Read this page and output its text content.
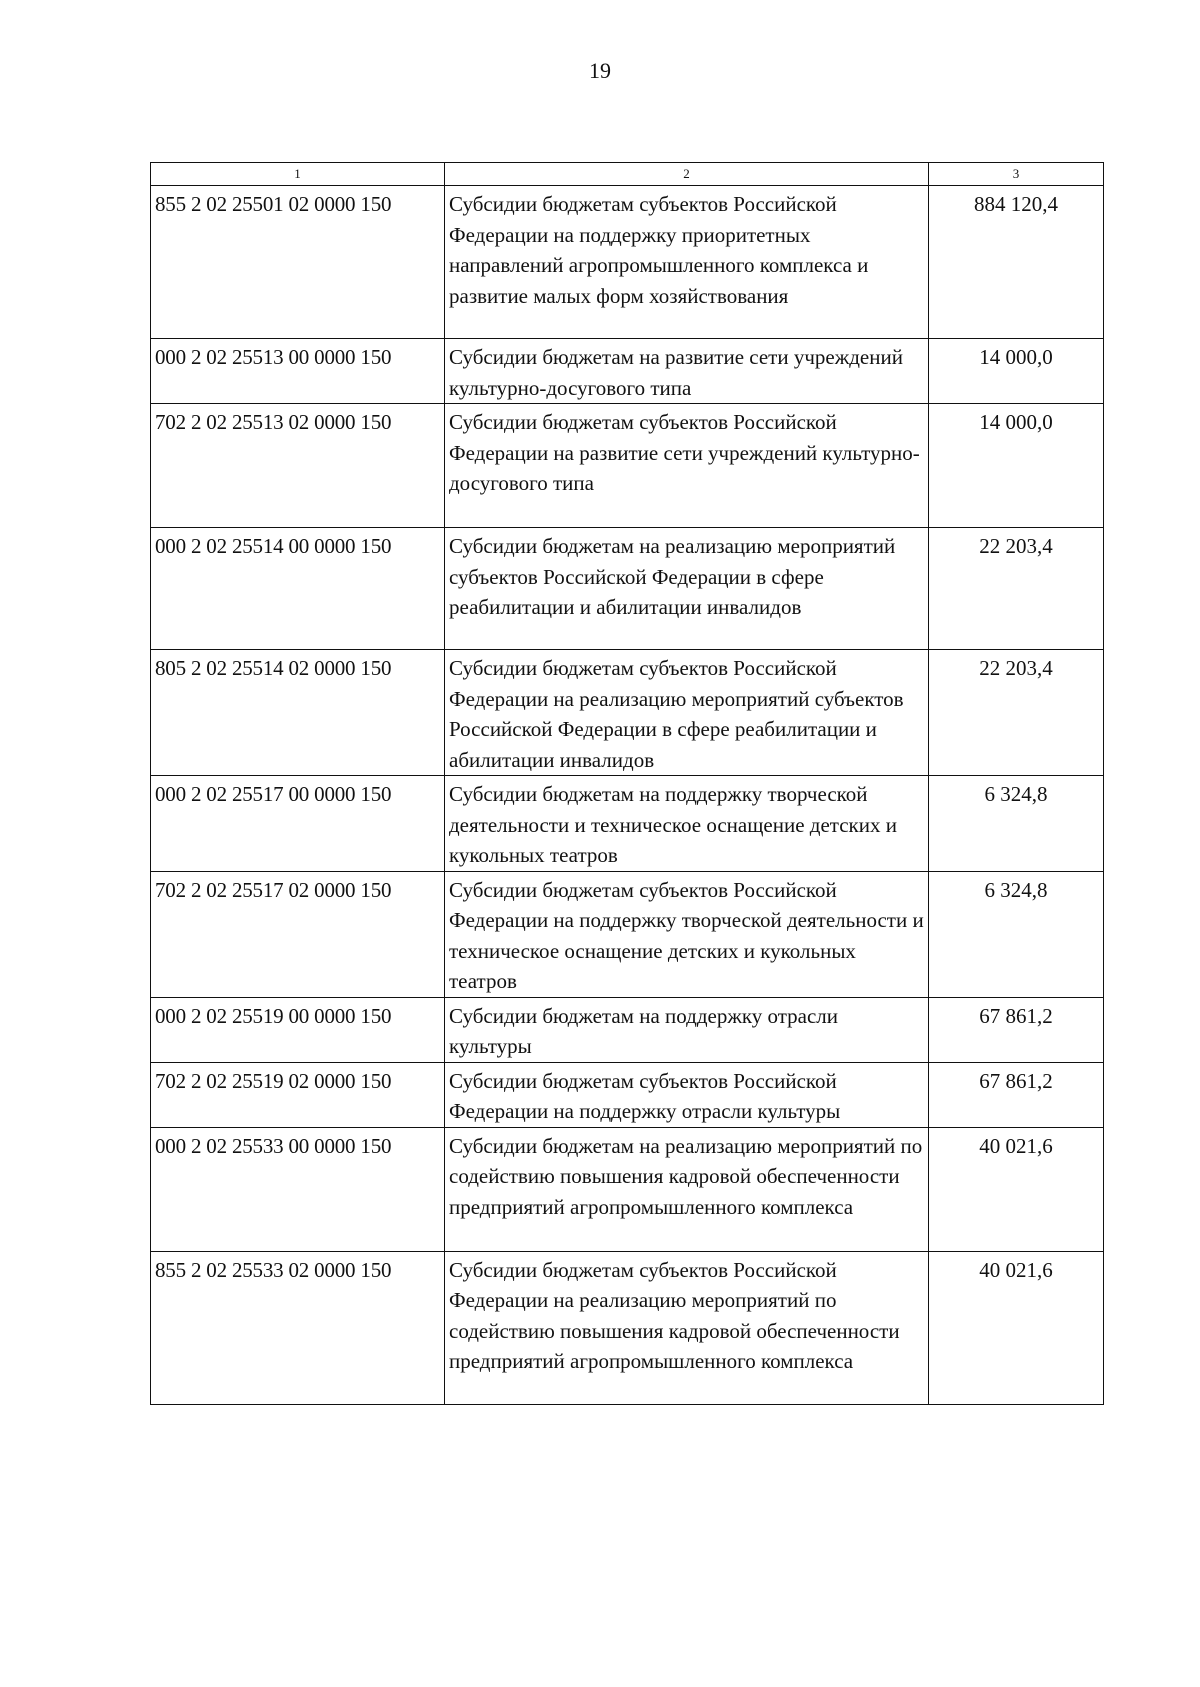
19
1	2	3
855 2 02 25501 02 0000 150	Субсидии бюджетам субъектов Российской Федерации на поддержку приоритетных направлений агропромышленного комплекса и развитие малых форм хозяйствования	884 120,4
000 2 02 25513 00 0000 150	Субсидии бюджетам на развитие сети учреждений культурно-досугового типа	14 000,0
702 2 02 25513 02 0000 150	Субсидии бюджетам субъектов Российской Федерации на развитие сети учреждений культурно-досугового типа	14 000,0
000 2 02 25514 00 0000 150	Субсидии бюджетам на реализацию мероприятий субъектов Российской Федерации в сфере реабилитации и абилитации инвалидов	22 203,4
805 2 02 25514 02 0000 150	Субсидии бюджетам субъектов Российской Федерации на реализацию мероприятий субъектов Российской Федерации в сфере реабилитации и абилитации инвалидов	22 203,4
000 2 02 25517 00 0000 150	Субсидии бюджетам на поддержку творческой деятельности и техническое оснащение детских и кукольных театров	6 324,8
702 2 02 25517 02 0000 150	Субсидии бюджетам субъектов Российской Федерации на поддержку творческой деятельности и техническое оснащение детских и кукольных театров	6 324,8
000 2 02 25519 00 0000 150	Субсидии бюджетам на поддержку отрасли культуры	67 861,2
702 2 02 25519 02 0000 150	Субсидии бюджетам субъектов Российской Федерации на поддержку отрасли культуры	67 861,2
000 2 02 25533 00 0000 150	Субсидии бюджетам на реализацию мероприятий по содействию повышения кадровой обеспеченности предприятий агропромышленного комплекса	40 021,6
855 2 02 25533 02 0000 150	Субсидии бюджетам субъектов Российской Федерации на реализацию мероприятий по содействию повышения кадровой обеспеченности предприятий агропромышленного комплекса	40 021,6
